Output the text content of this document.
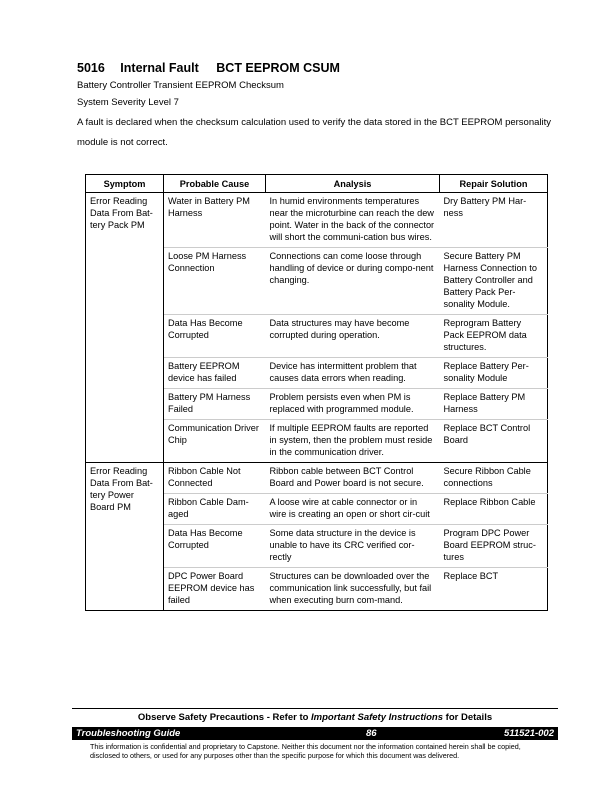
5016 Internal Fault BCT EEPROM CSUM
Battery Controller Transient EEPROM Checksum
System Severity Level 7
A fault is declared when the checksum calculation used to verify the data stored in the BCT EEPROM personality module is not correct.
Symptom	Probable Cause	Analysis	Repair Solution
Error Reading Data From Bat-tery Pack PM	Water in Battery PM Harness	In humid environments temperatures near the microturbine can reach the dew point. Water in the back of the connector will short the communi-cation bus wires.	Dry Battery PM Har-ness
	Loose PM Harness Connection	Connections can come loose through handling of device or during compo-nent changing.	Secure Battery PM Harness Connection to Battery Controller and Battery Pack Per-sonality Module.
	Data Has Become Corrupted	Data structures may have become corrupted during operation.	Reprogram Battery Pack EEPROM data structures.
	Battery EEPROM device has failed	Device has intermittent problem that causes data errors when reading.	Replace Battery Per-sonality Module
	Battery PM Harness Failed	Problem persists even when PM is replaced with programmed module.	Replace Battery PM Harness
	Communication Driver Chip	If multiple EEPROM faults are reported in system, then the problem must reside in the communication driver.	Replace BCT Control Board
Error Reading Data From Bat-tery Power Board PM	Ribbon Cable Not Connected	Ribbon cable between BCT Control Board and Power board is not secure.	Secure Ribbon Cable connections
	Ribbon Cable Dam-aged	A loose wire at cable connector or in wire is creating an open or short cir-cuit	Replace Ribbon Cable
	Data Has Become Corrupted	Some data structure in the device is unable to have its CRC verified cor-rectly	Program DPC Power Board EEPROM struc-tures
	DPC Power Board EEPROM device has failed	Structures can be downloaded over the communication link successfully, but fail when executing burn com-mand.	Replace BCT
Observe Safety Precautions - Refer to Important Safety Instructions for Details
Troubleshooting Guide	86	511521-002
This information is confidential and proprietary to Capstone. Neither this document nor the information contained herein shall be copied, disclosed to others, or used for any purposes other than the specific purpose for which this document was delivered.
